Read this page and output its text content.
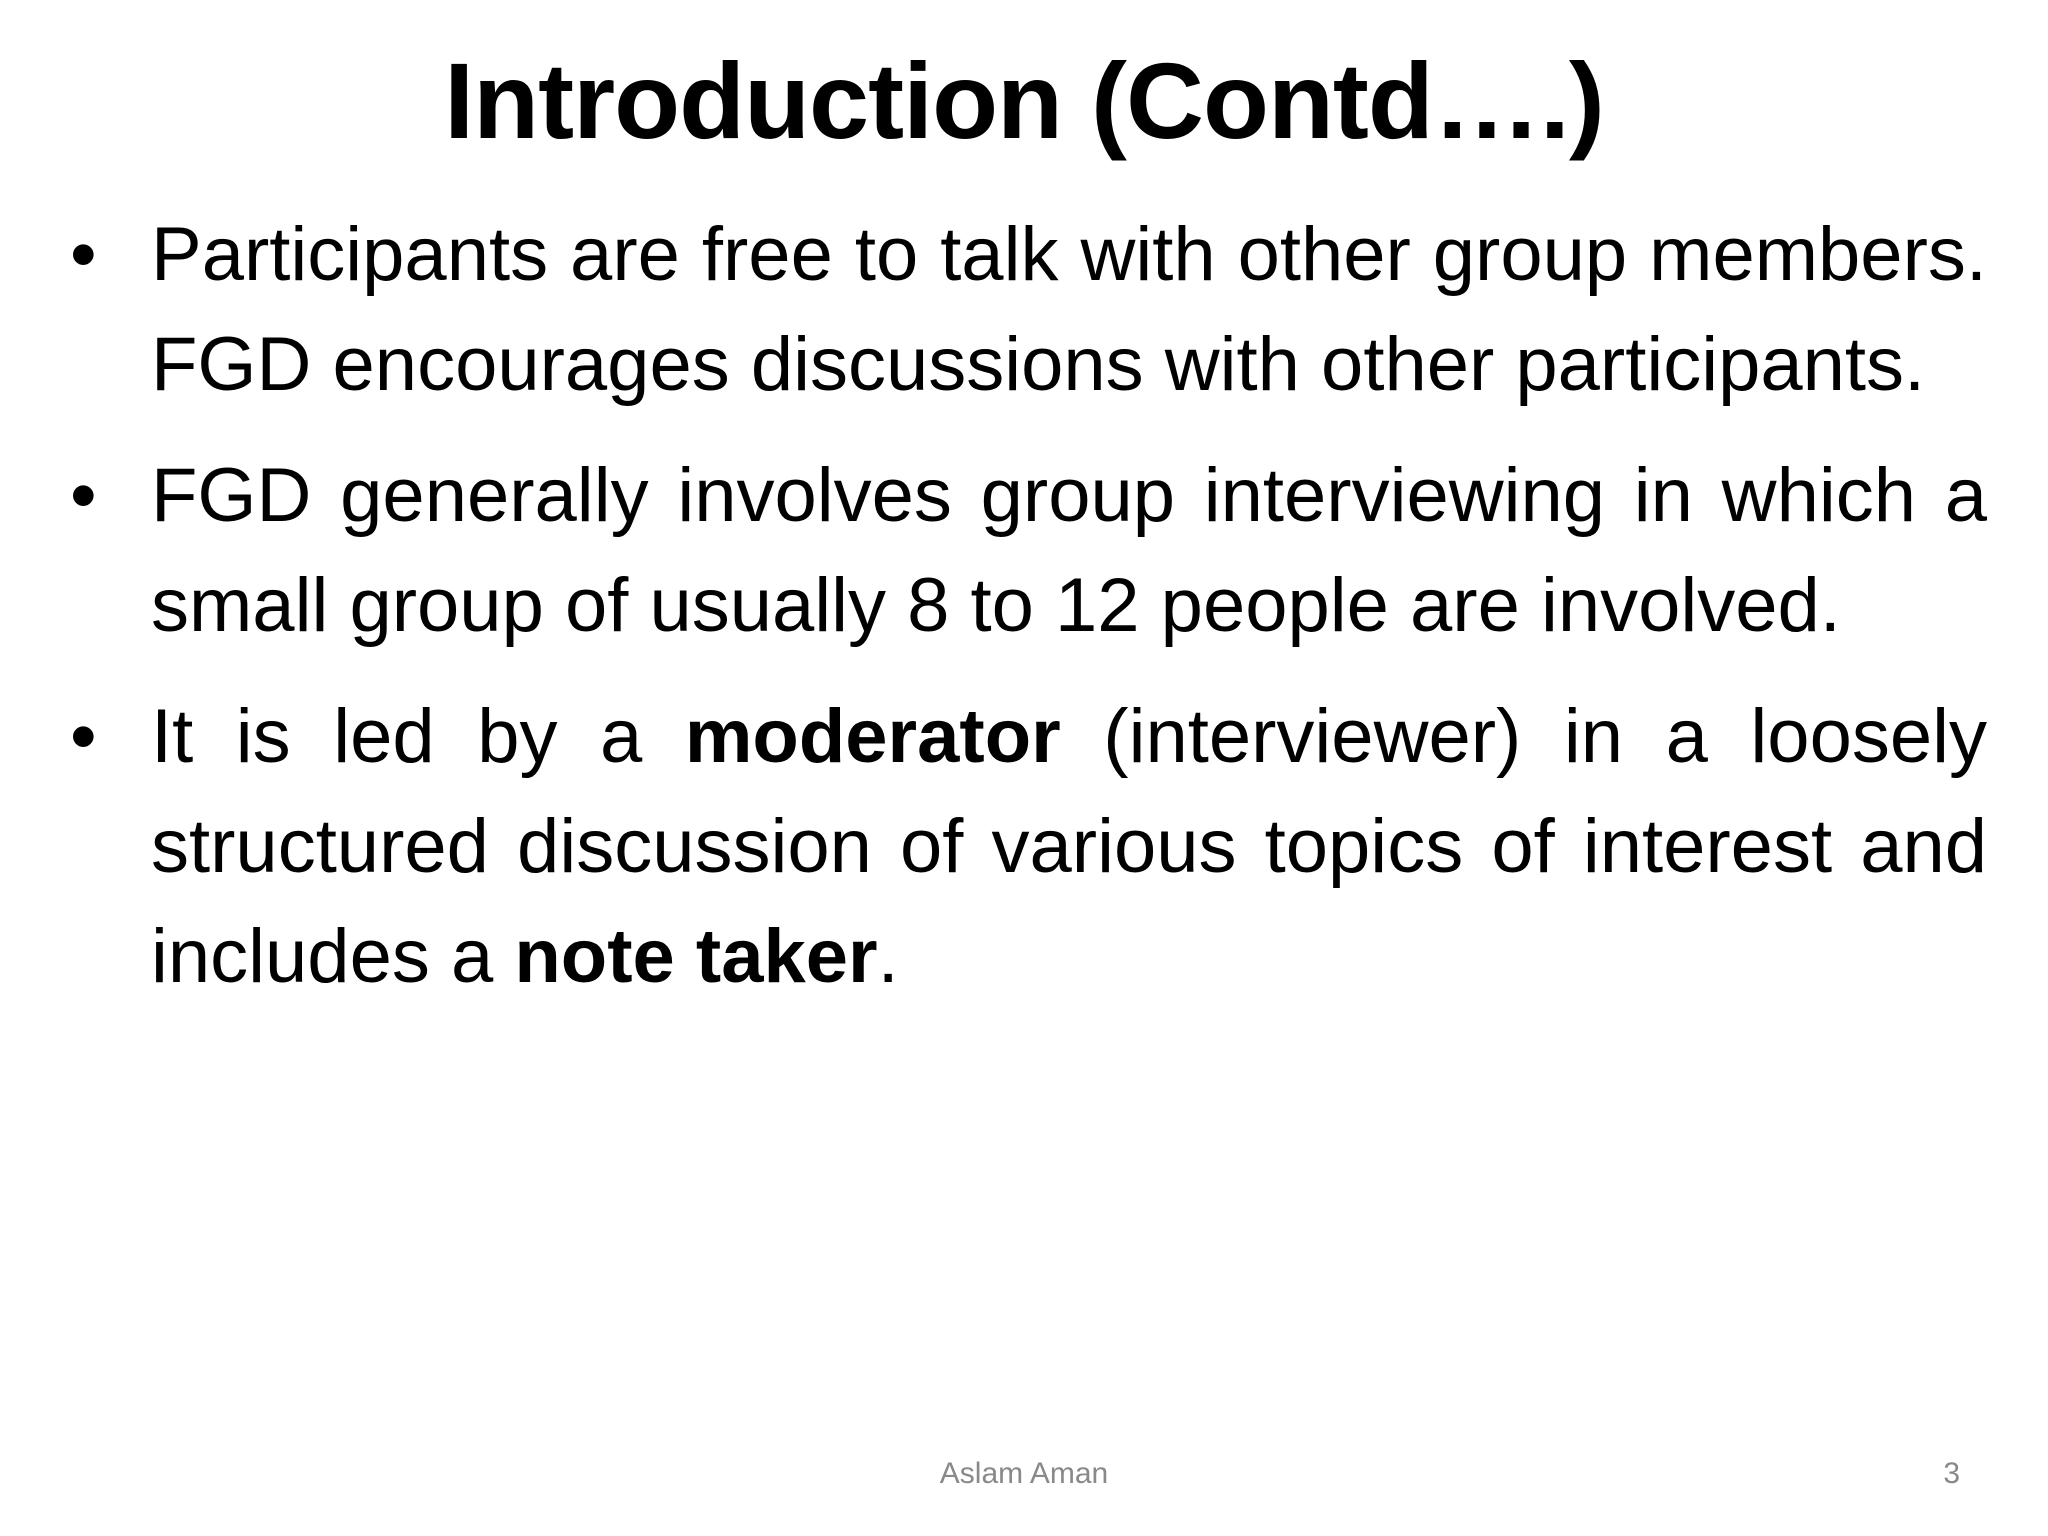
Introduction (Contd….)
• Participants are free to talk with other group members. FGD encourages discussions with other participants.
• FGD generally involves group interviewing in which a small group of usually 8 to 12 people are involved.
• It is led by a moderator (interviewer) in a loosely structured discussion of various topics of interest and includes a note taker.
Aslam Aman	3
